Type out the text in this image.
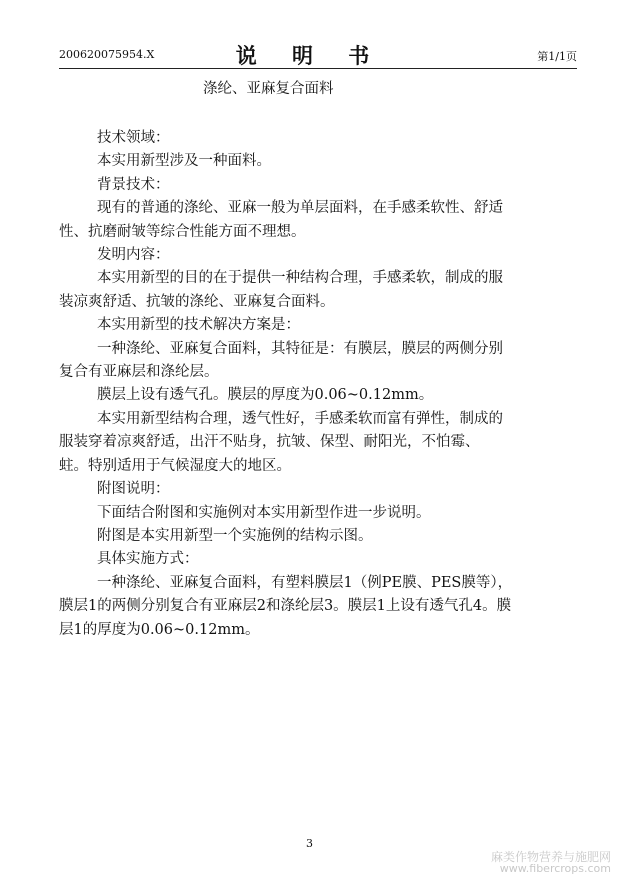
200620075954.X	说 明 书	第1/1页
涤纶、亚麻复合面料
技术领域：
本实用新型涉及一种面料。
背景技术：
现有的普通的涤纶、亚麻一般为单层面料，在手感柔软性、舒适
性、抗磨耐皱等综合性能方面不理想。
发明内容：
本实用新型的目的在于提供一种结构合理，手感柔软，制成的服
装凉爽舒适、抗皱的涤纶、亚麻复合面料。
本实用新型的技术解决方案是：
一种涤纶、亚麻复合面料，其特征是：有膜层，膜层的两侧分别
复合有亚麻层和涤纶层。
膜层上设有透气孔。膜层的厚度为0.06~0.12mm。
本实用新型结构合理，透气性好，手感柔软而富有弹性，制成的
服装穿着凉爽舒适，出汗不贴身，抗皱、保型、耐阳光，不怕霉、
蛀。特别适用于气候湿度大的地区。
附图说明：
下面结合附图和实施例对本实用新型作进一步说明。
附图是本实用新型一个实施例的结构示图。
具体实施方式：
一种涤纶、亚麻复合面料，有塑料膜层1（例PE膜、PES膜等），
膜层1的两侧分别复合有亚麻层2和涤纶层3。膜层1上设有透气孔4。膜
层1的厚度为0.06~0.12mm。
3
麻类作物营养与施肥网
www.fibercrops.com
